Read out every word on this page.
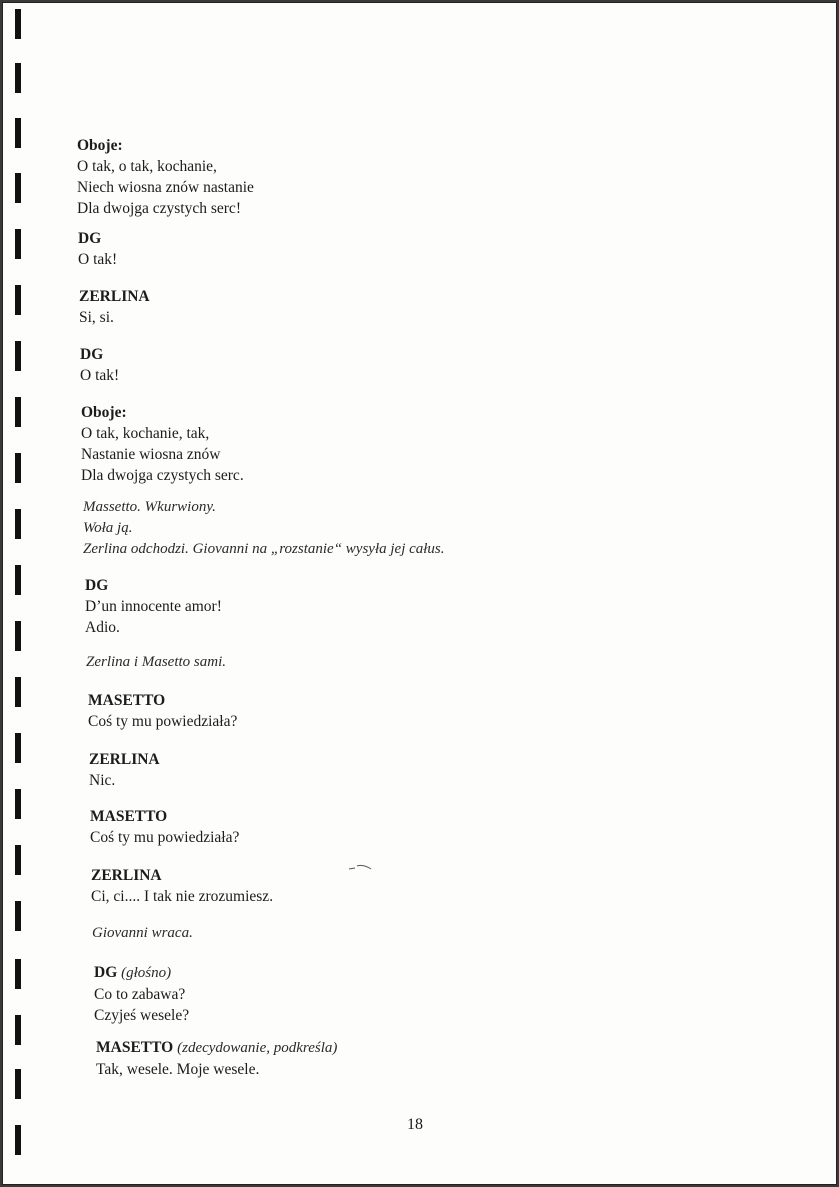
Oboje:
O tak, o tak, kochanie,
Niech wiosna znów nastanie
Dla dwojga czystych serc!
DG
O tak!
ZERLINA
Si, si.
DG
O tak!
Oboje:
O tak, kochanie, tak,
Nastanie wiosna znów
Dla dwojga czystych serc.
Massetto. Wkurwiony.
Woła ją.
Zerlina odchodzi. Giovanni na „rozstanie“ wysyła jej całus.
DG
D’un innocente amor!
Adio.
Zerlina i Masetto sami.
MASETTO
Coś ty mu powiedziała?
ZERLINA
Nic.
MASETTO
Coś ty mu powiedziała?
ZERLINA
Ci, ci.... I tak nie zrozumiesz.
Giovanni wraca.
DG (głośno)
Co to zabawa?
Czyjeś wesele?
MASETTO (zdecydowanie, podkreśla)
Tak, wesele. Moje wesele.
18
